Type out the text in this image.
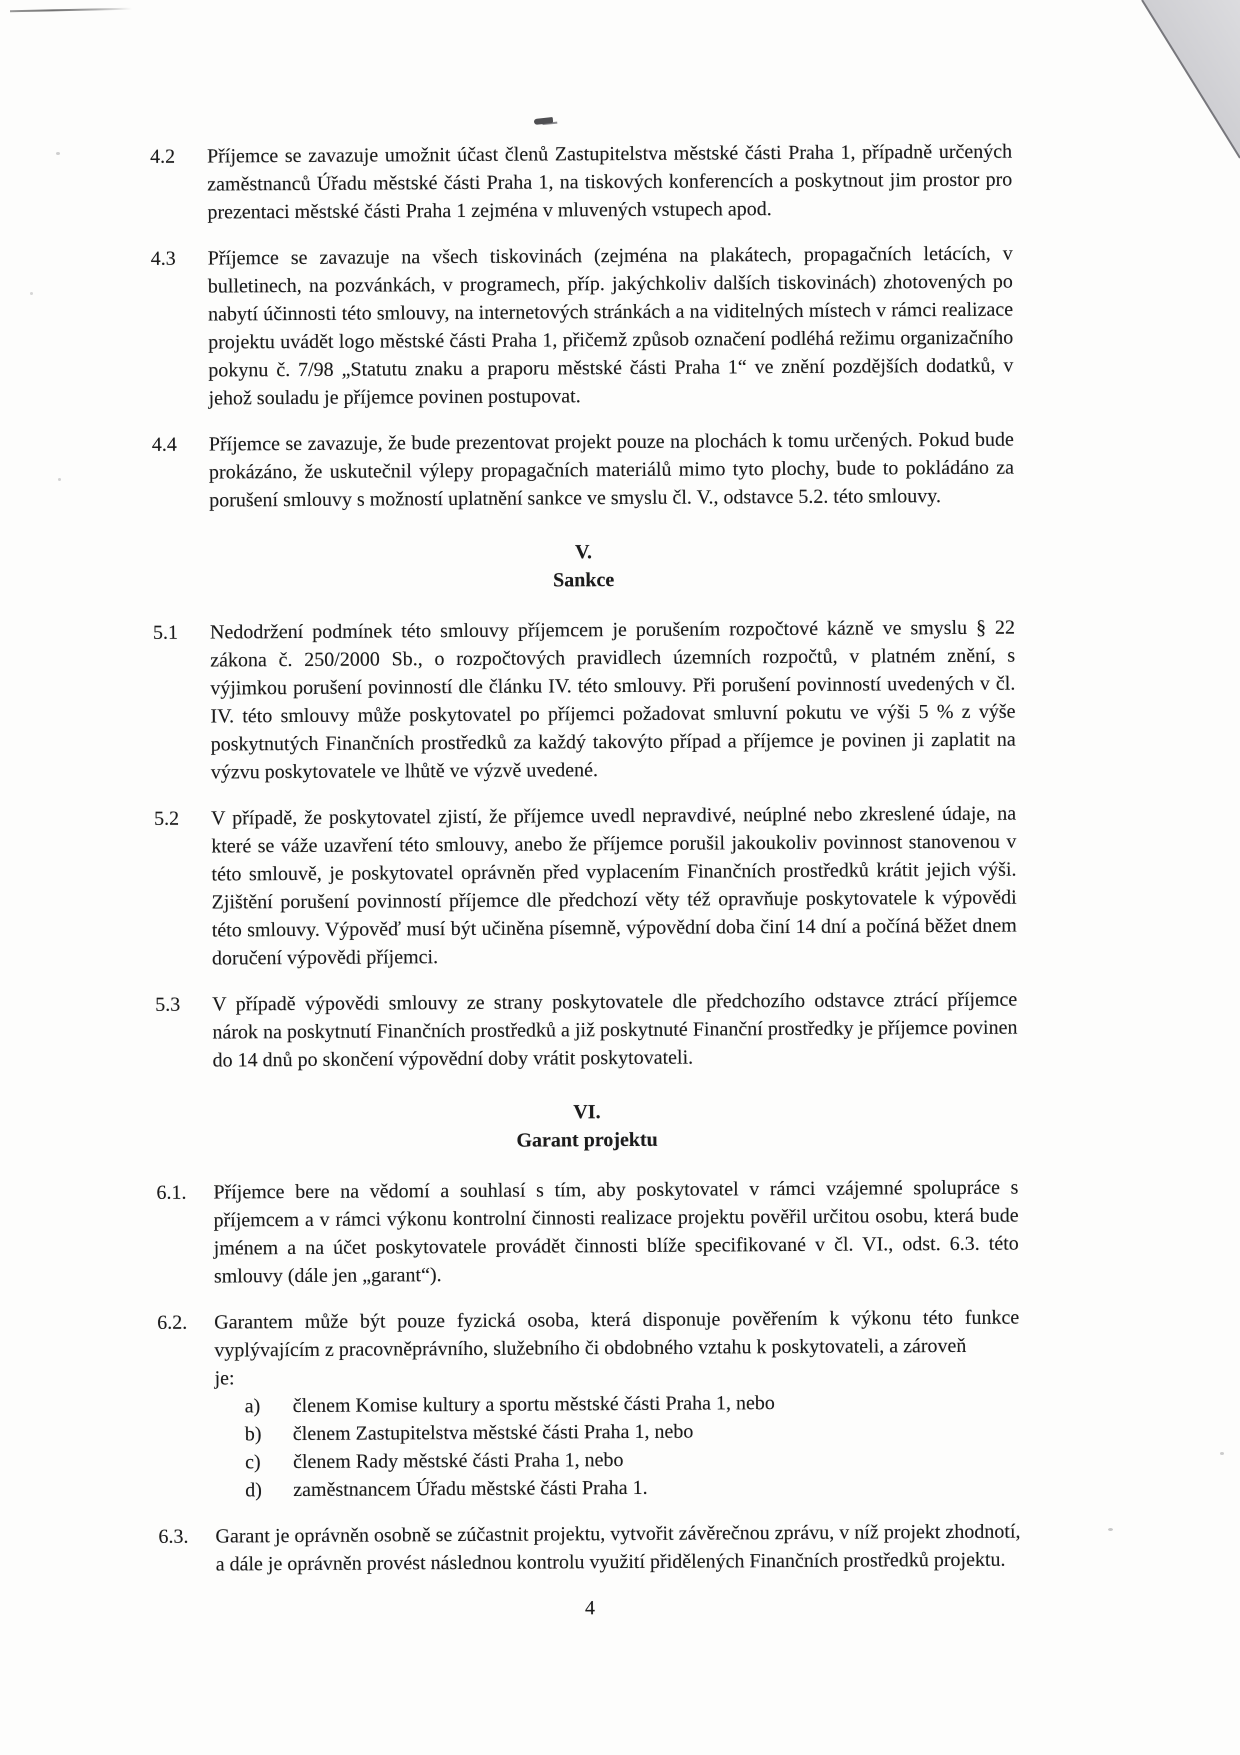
4.2	Příjemce se zavazuje umožnit účast členů Zastupitelstva městské části Praha 1, případně určených zaměstnanců Úřadu městské části Praha 1, na tiskových konferencích a poskytnout jim prostor pro prezentaci městské části Praha 1 zejména v mluvených vstupech apod.
4.3	Příjemce se zavazuje na všech tiskovinách (zejména na plakátech, propagačních letácích, v bulletinech, na pozvánkách, v programech, příp. jakýchkoliv dalších tiskovinách) zhotovených po nabytí účinnosti této smlouvy, na internetových stránkách a na viditelných místech v rámci realizace projektu uvádět logo městské části Praha 1, přičemž způsob označení podléhá režimu organizačního pokynu č. 7/98 „Statutu znaku a praporu městské části Praha 1“ ve znění pozdějších dodatků, v jehož souladu je příjemce povinen postupovat.
4.4	Příjemce se zavazuje, že bude prezentovat projekt pouze na plochách k tomu určených. Pokud bude prokázáno, že uskutečnil výlepy propagačních materiálů mimo tyto plochy, bude to pokládáno za porušení smlouvy s možností uplatnění sankce ve smyslu čl. V., odstavce 5.2. této smlouvy.
V.
Sankce
5.1	Nedodržení podmínek této smlouvy příjemcem je porušením rozpočtové kázně ve smyslu § 22 zákona č. 250/2000 Sb., o rozpočtových pravidlech územních rozpočtů, v platném znění, s výjimkou porušení povinností dle článku IV. této smlouvy. Při porušení povinností uvedených v čl. IV. této smlouvy může poskytovatel po příjemci požadovat smluvní pokutu ve výši 5 % z výše poskytnutých Finančních prostředků za každý takovýto případ a příjemce je povinen ji zaplatit na výzvu poskytovatele ve lhůtě ve výzvě uvedené.
5.2	V případě, že poskytovatel zjistí, že příjemce uvedl nepravdivé, neúplné nebo zkreslené údaje, na které se váže uzavření této smlouvy, anebo že příjemce porušil jakoukoliv povinnost stanovenou v této smlouvě, je poskytovatel oprávněn před vyplacením Finančních prostředků krátit jejich výši. Zjištění porušení povinností příjemce dle předchozí věty též opravňuje poskytovatele k výpovědi této smlouvy. Výpověď musí být učiněna písemně, výpovědní doba činí 14 dní a počíná běžet dnem doručení výpovědi příjemci.
5.3	V případě výpovědi smlouvy ze strany poskytovatele dle předchozího odstavce ztrácí příjemce nárok na poskytnutí Finančních prostředků a již poskytnuté Finanční prostředky je příjemce povinen do 14 dnů po skončení výpovědní doby vrátit poskytovateli.
VI.
Garant projektu
6.1.	Příjemce bere na vědomí a souhlasí s tím, aby poskytovatel v rámci vzájemné spolupráce s příjemcem a v rámci výkonu kontrolní činnosti realizace projektu pověřil určitou osobu, která bude jménem a na účet poskytovatele provádět činnosti blíže specifikované v čl. VI., odst. 6.3. této smlouvy (dále jen „garant“).
6.2.	Garantem může být pouze fyzická osoba, která disponuje pověřením k výkonu této funkce vyplývajícím z pracovněprávního, služebního či obdobného vztahu k poskytovateli, a zároveň

je:

a)	členem Komise kultury a sportu městské části Praha 1, nebo
b)	členem Zastupitelstva městské části Praha 1, nebo
c)	členem Rady městské části Praha 1, nebo
d)	zaměstnancem Úřadu městské části Praha 1.
6.3.	Garant je oprávněn osobně se zúčastnit projektu, vytvořit závěrečnou zprávu, v níž projekt zhodnotí, a dále je oprávněn provést následnou kontrolu využití přidělených Finančních prostředků projektu.
4
